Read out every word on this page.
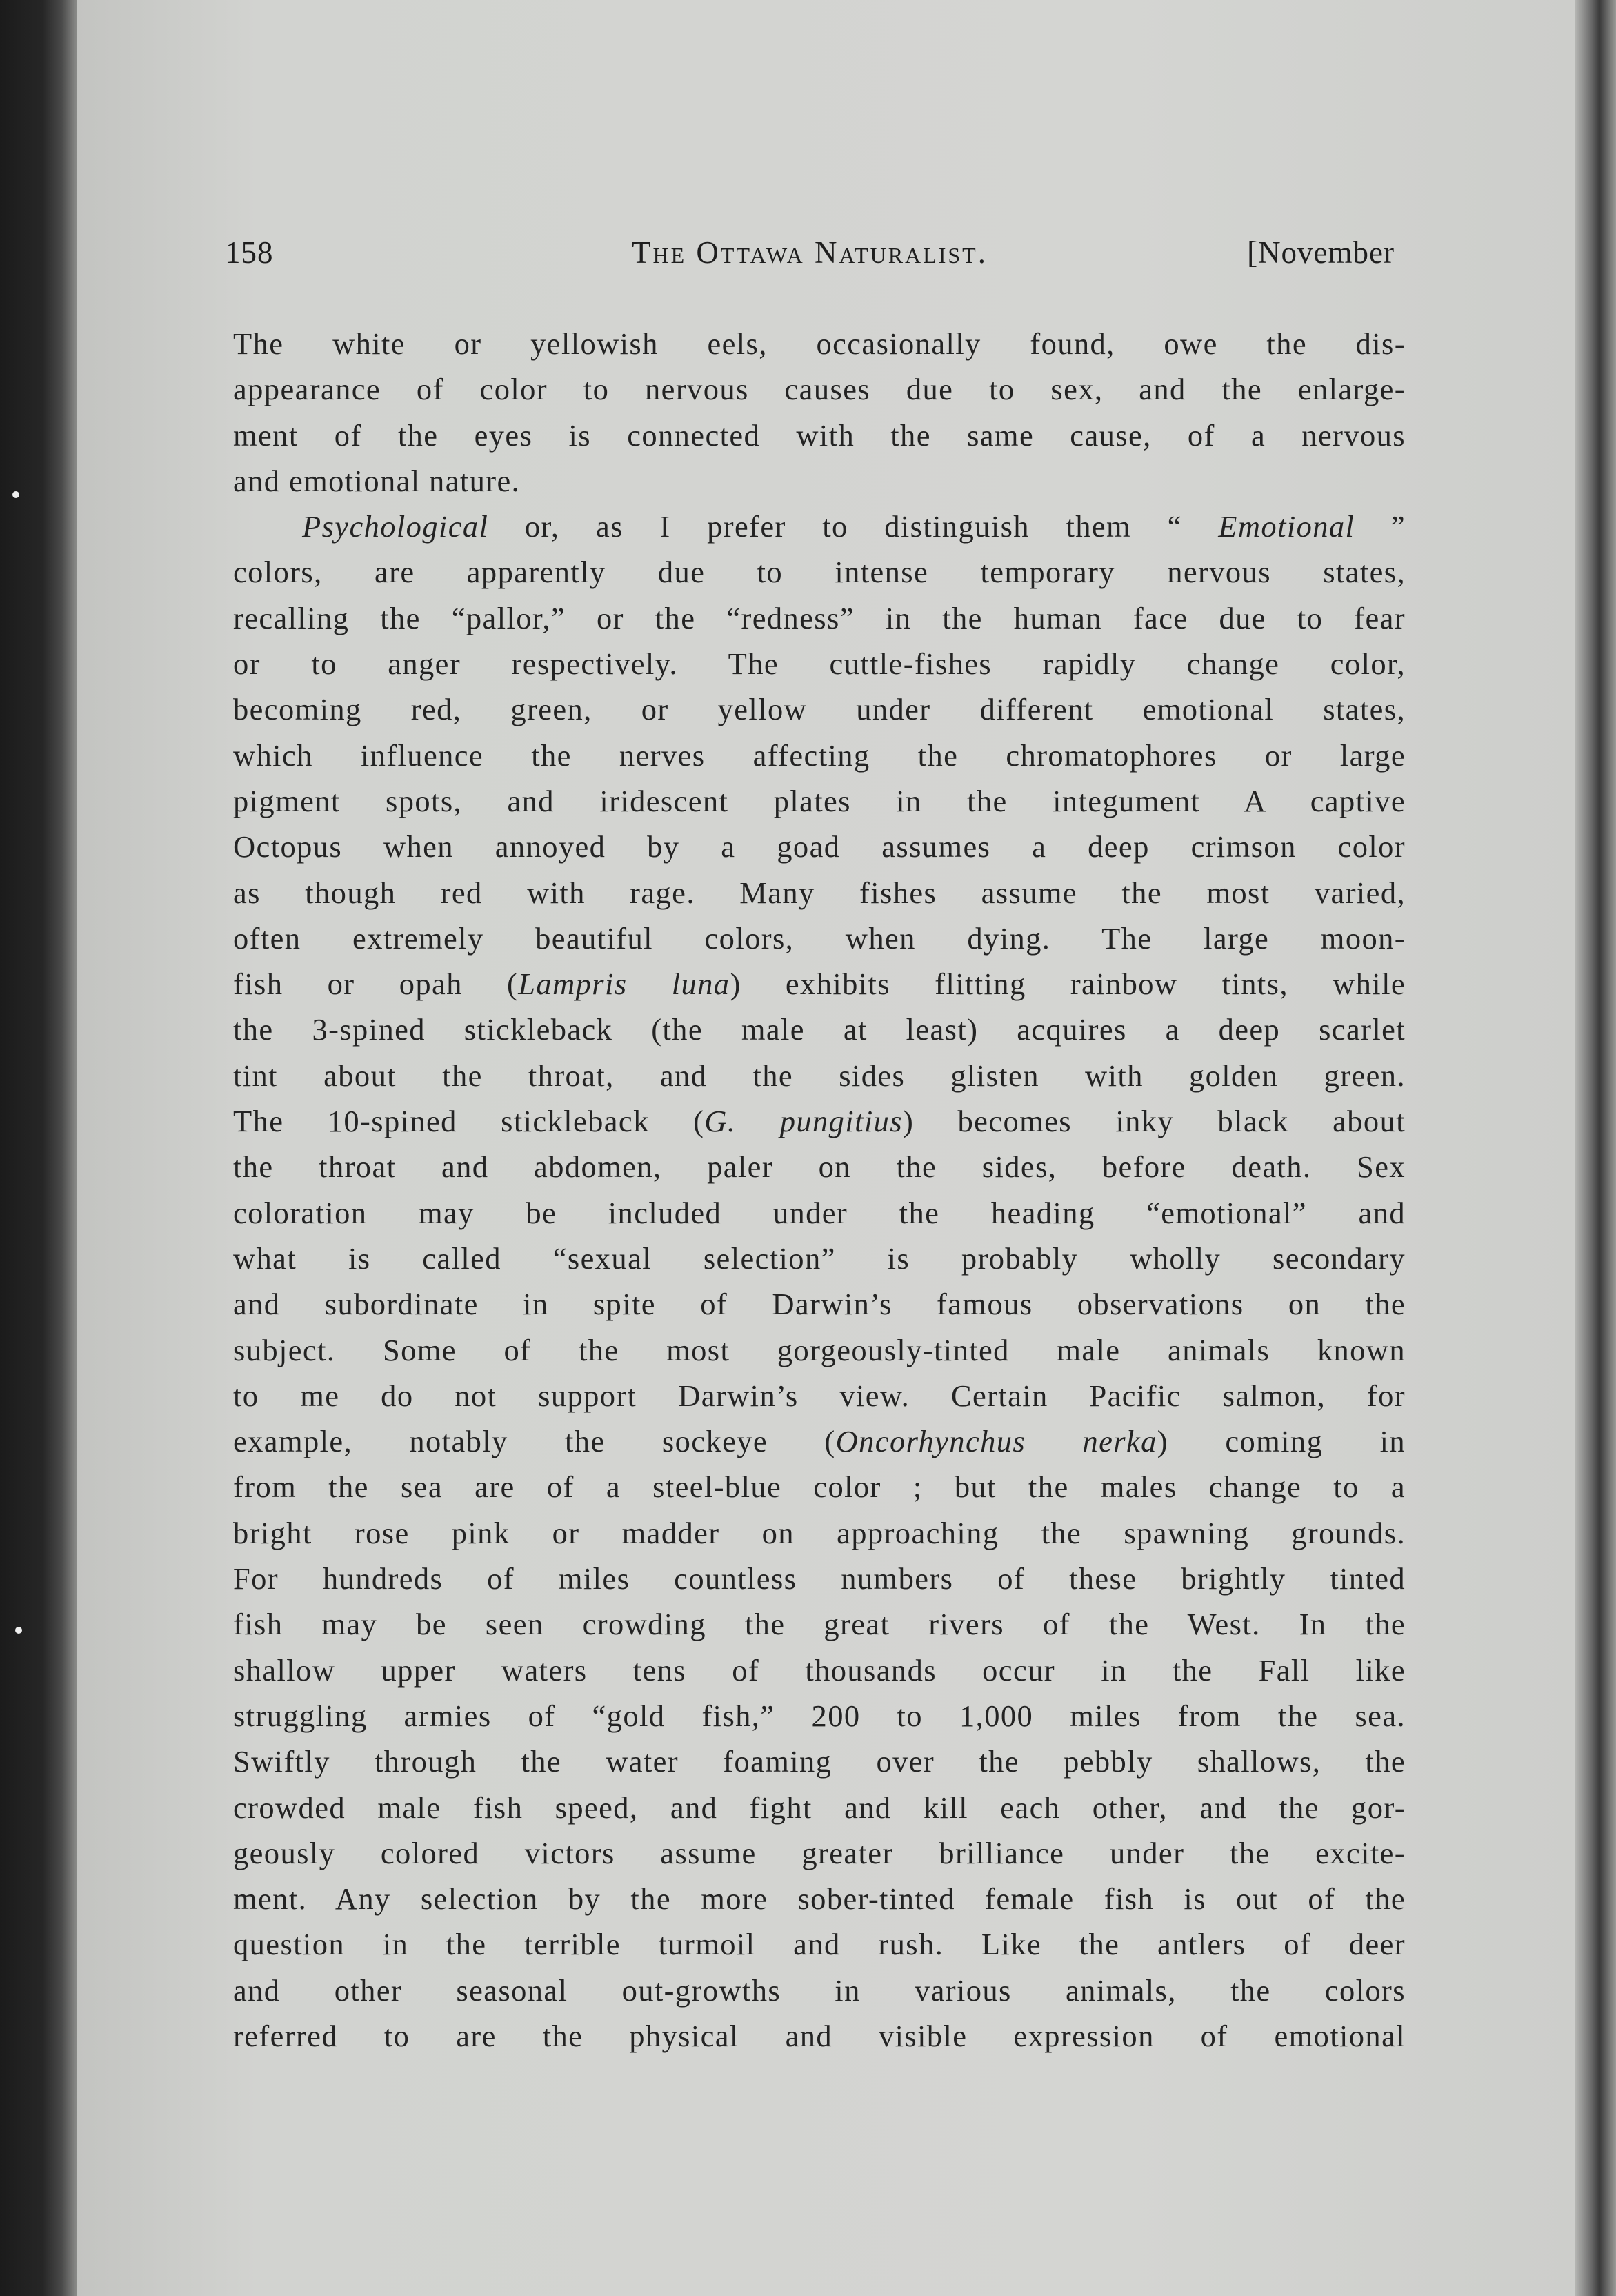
158	The Ottawa Naturalist.	[November
The white or yellowish eels, occasionally found, owe the dis-
appearance of color to nervous causes due to sex, and the enlarge-
ment of the eyes is connected with the same cause, of a nervous
and emotional nature.
Psychological or, as I prefer to distinguish them “ Emotional ”
colors, are apparently due to intense temporary nervous states,
recalling the “pallor,” or the “redness” in the human face due to fear
or to anger respectively. The cuttle-fishes rapidly change color,
becoming red, green, or yellow under different emotional states,
which influence the nerves affecting the chromatophores or large
pigment spots, and iridescent plates in the integument A captive
Octopus when annoyed by a goad assumes a deep crimson color
as though red with rage. Many fishes assume the most varied,
often extremely beautiful colors, when dying. The large moon-
fish or opah (Lampris luna) exhibits flitting rainbow tints, while
the 3-spined stickleback (the male at least) acquires a deep scarlet
tint about the throat, and the sides glisten with golden green.
The 10-spined stickleback (G. pungitius) becomes inky black about
the throat and abdomen, paler on the sides, before death. Sex
coloration may be included under the heading “emotional” and
what is called “sexual selection” is probably wholly secondary
and subordinate in spite of Darwin’s famous observations on the
subject. Some of the most gorgeously-tinted male animals known
to me do not support Darwin’s view. Certain Pacific salmon, for
example, notably the sockeye (Oncorhynchus nerka) coming in
from the sea are of a steel-blue color ; but the males change to a
bright rose pink or madder on approaching the spawning grounds.
For hundreds of miles countless numbers of these brightly tinted
fish may be seen crowding the great rivers of the West. In the
shallow upper waters tens of thousands occur in the Fall like
struggling armies of “gold fish,” 200 to 1,000 miles from the sea.
Swiftly through the water foaming over the pebbly shallows, the
crowded male fish speed, and fight and kill each other, and the gor-
geously colored victors assume greater brilliance under the excite-
ment. Any selection by the more sober-tinted female fish is out of the
question in the terrible turmoil and rush. Like the antlers of deer
and other seasonal out-growths in various animals, the colors
referred to are the physical and visible expression of emotional
